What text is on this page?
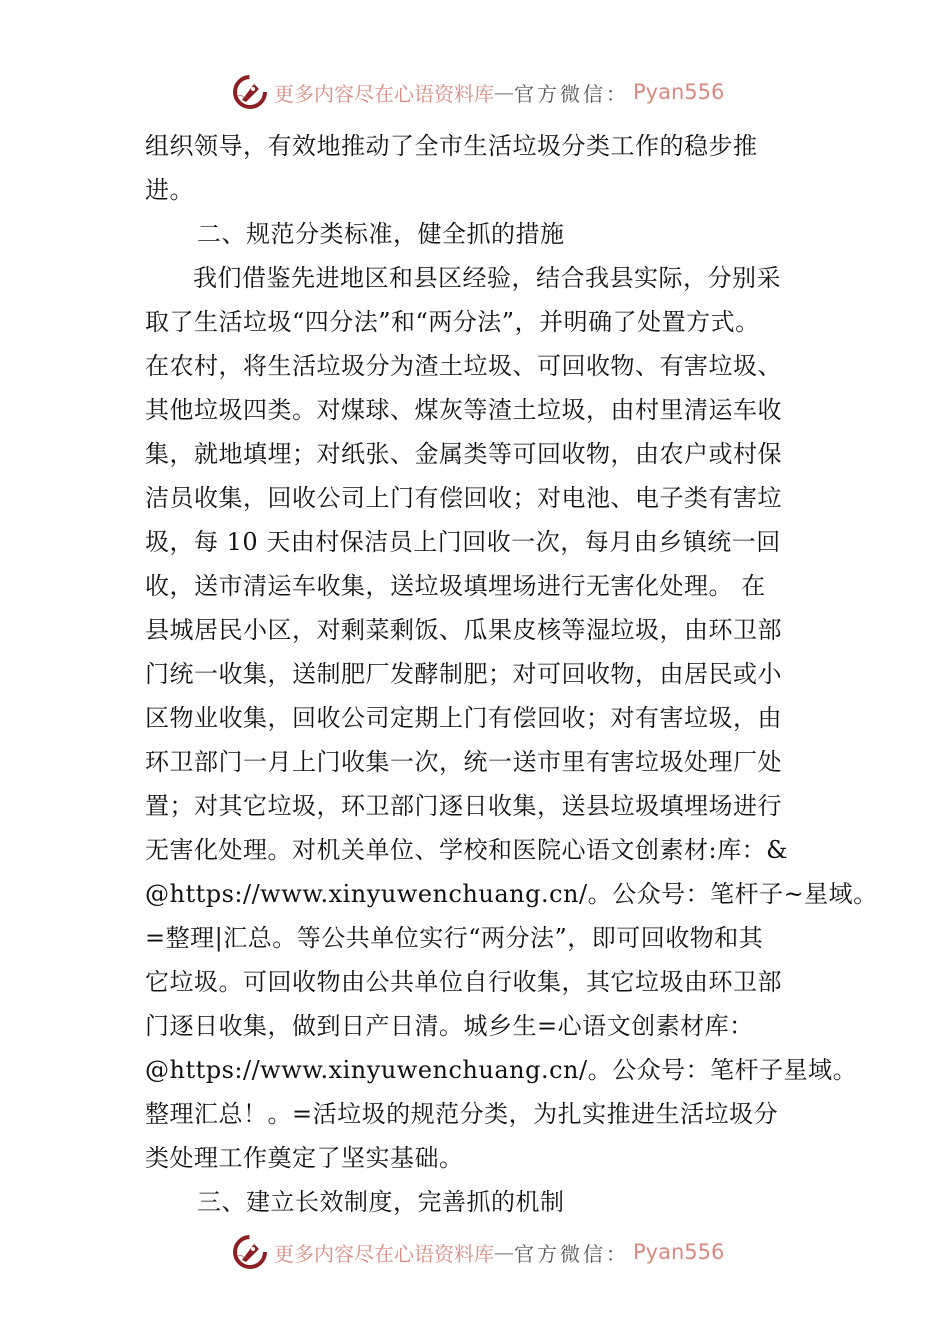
更多内容尽在心语资料库 — 官方微信： Pyan556
组织领导，有效地推动了全市生活垃圾分类工作的稳步推
进。
二、规范分类标准，健全抓的措施
我们借鉴先进地区和县区经验，结合我县实际，分别采
取了生活垃圾“四分法”和“两分法”，并明确了处置方式。
在农村，将生活垃圾分为渣土垃圾、可回收物、有害垃圾、
其他垃圾四类。对煤球、煤灰等渣土垃圾，由村里清运车收
集，就地填埋；对纸张、金属类等可回收物，由农户或村保
洁员收集，回收公司上门有偿回收；对电池、电子类有害垃
圾，每 10 天由村保洁员上门回收一次，每月由乡镇统一回
收，送市清运车收集，送垃圾填埋场进行无害化处理。 在
县城居民小区，对剩菜剩饭、瓜果皮核等湿垃圾，由环卫部
门统一收集，送制肥厂发酵制肥；对可回收物，由居民或小
区物业收集，回收公司定期上门有偿回收；对有害垃圾，由
环卫部门一月上门收集一次，统一送市里有害垃圾处理厂处
置；对其它垃圾，环卫部门逐日收集，送县垃圾填埋场进行
无害化处理。对机关单位、学校和医院心语文创素材:库：&
@https://www.xinyuwenchuang.cn/。公众号：笔杆子~星域。
=整理|汇总。等公共单位实行“两分法”，即可回收物和其
它垃圾。可回收物由公共单位自行收集，其它垃圾由环卫部
门逐日收集，做到日产日清。城乡生=心语文创素材库：
@https://www.xinyuwenchuang.cn/。公众号：笔杆子星域。
整理汇总！。=活垃圾的规范分类，为扎实推进生活垃圾分
类处理工作奠定了坚实基础。
三、建立长效制度，完善抓的机制
更多内容尽在心语资料库 — 官方微信： Pyan556
